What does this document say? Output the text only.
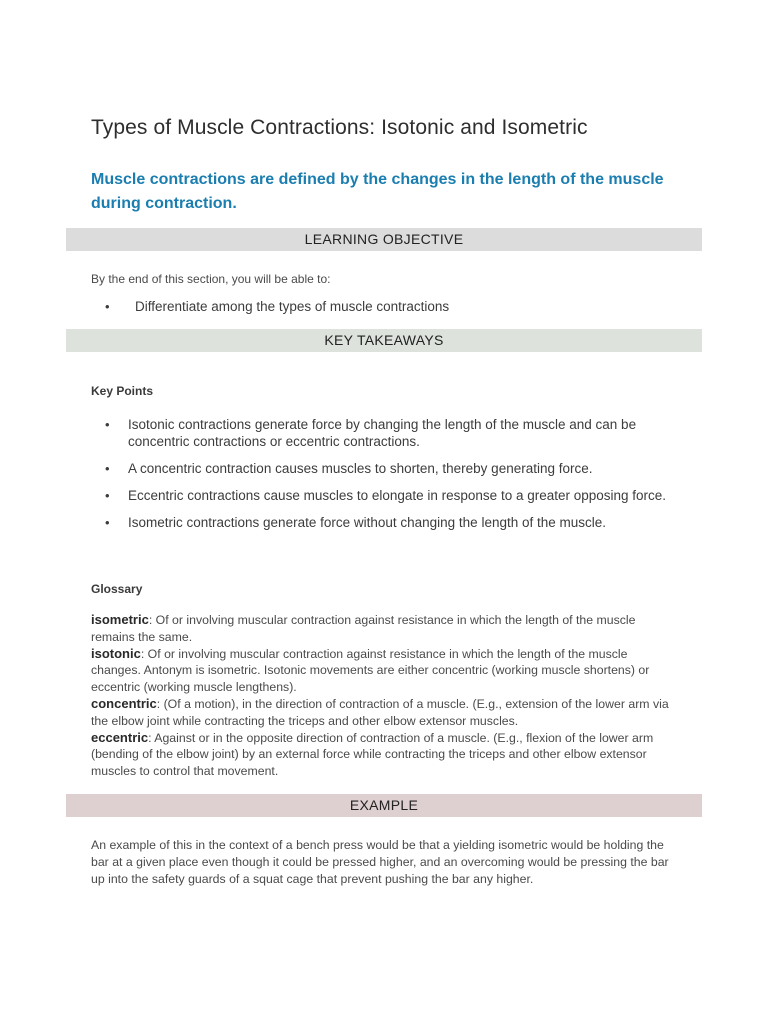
Types of Muscle Contractions: Isotonic and Isometric
Muscle contractions are defined by the changes in the length of the muscle during contraction.
LEARNING OBJECTIVE
By the end of this section, you will be able to:
• Differentiate among the types of muscle contractions
KEY TAKEAWAYS
Key Points
• Isotonic contractions generate force by changing the length of the muscle and can be concentric contractions or eccentric contractions.
• A concentric contraction causes muscles to shorten, thereby generating force.
• Eccentric contractions cause muscles to elongate in response to a greater opposing force.
• Isometric contractions generate force without changing the length of the muscle.
Glossary

isometric: Of or involving muscular contraction against resistance in which the length of the muscle remains the same.

isotonic: Of or involving muscular contraction against resistance in which the length of the muscle changes. Antonym is isometric. Isotonic movements are either concentric (working muscle shortens) or eccentric (working muscle lengthens).

concentric: (Of a motion), in the direction of contraction of a muscle. (E.g., extension of the lower arm via the elbow joint while contracting the triceps and other elbow extensor muscles.

eccentric: Against or in the opposite direction of contraction of a muscle. (E.g., flexion of the lower arm (bending of the elbow joint) by an external force while contracting the triceps and other elbow extensor muscles to control that movement.

EXAMPLE
An example of this in the context of a bench press would be that a yielding isometric would be holding the bar at a given place even though it could be pressed higher, and an overcoming would be pressing the bar up into the safety guards of a squat cage that prevent pushing the bar any higher.
